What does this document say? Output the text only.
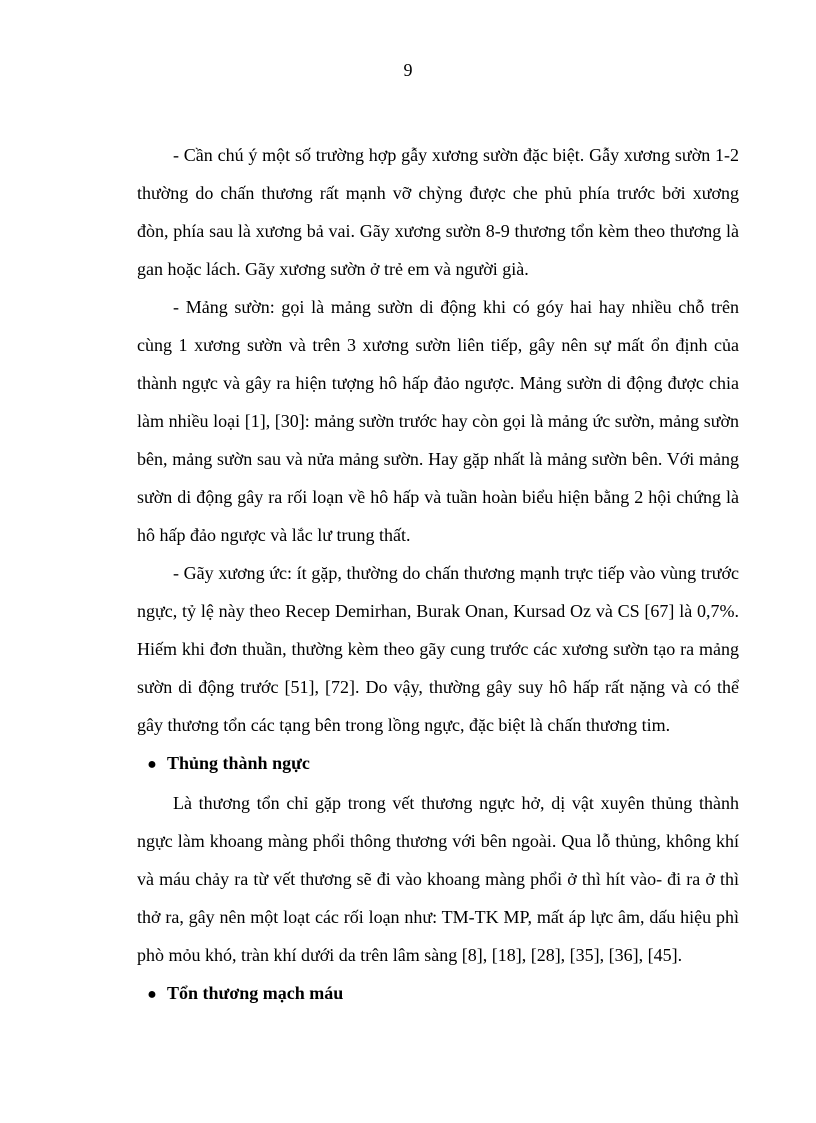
9

- Cần chú ý một số trường hợp gẫy xương sườn đặc biệt. Gẫy xương sườn 1-2 thường do chấn thương rất mạnh vỡ chỳng được che phủ phía trước bởi xương đòn, phía sau là xương bả vai. Gãy xương sườn 8-9 thương tổn kèm theo thương là gan hoặc lách. Gãy xương sườn ở trẻ em và người già.

- Mảng sườn: gọi là mảng sườn di động khi có góy hai hay nhiều chỗ trên cùng 1 xương sườn và trên 3 xương sườn liên tiếp, gây nên sự mất ổn định của thành ngực và gây ra hiện tượng hô hấp đảo ngược. Mảng sườn di động được chia làm nhiều loại [1], [30]: mảng sườn trước hay còn gọi là mảng ức sườn, mảng sườn bên, mảng sườn sau và nửa mảng sườn. Hay gặp nhất là mảng sườn bên. Với mảng sườn di động gây ra rối loạn về hô hấp và tuần hoàn biểu hiện bằng 2 hội chứng là hô hấp đảo ngược và lắc lư trung thất.

- Gãy xương ức: ít gặp, thường do chấn thương mạnh trực tiếp vào vùng trước ngực, tỷ lệ này theo Recep Demirhan, Burak Onan, Kursad Oz và CS [67] là 0,7%. Hiếm khi đơn thuần, thường kèm theo gãy cung trước các xương sườn tạo ra mảng sườn di động trước [51], [72]. Do vậy, thường gây suy hô hấp rất nặng và có thể gây thương tổn các tạng bên trong lồng ngực, đặc biệt là chấn thương tim.

● Thủng thành ngực

Là thương tổn chỉ gặp trong vết thương ngực hở, dị vật xuyên thủng thành ngực làm khoang màng phổi thông thương với bên ngoài. Qua lỗ thủng, không khí và máu chảy ra từ vết thương sẽ đi vào khoang màng phổi ở thì hít vào- đi ra ở thì thở ra, gây nên một loạt các rối loạn như: TM-TK MP, mất áp lực âm, dấu hiệu phì phò mỏu khó, tràn khí dưới da trên lâm sàng [8], [18], [28], [35], [36], [45].

● Tổn thương mạch máu
